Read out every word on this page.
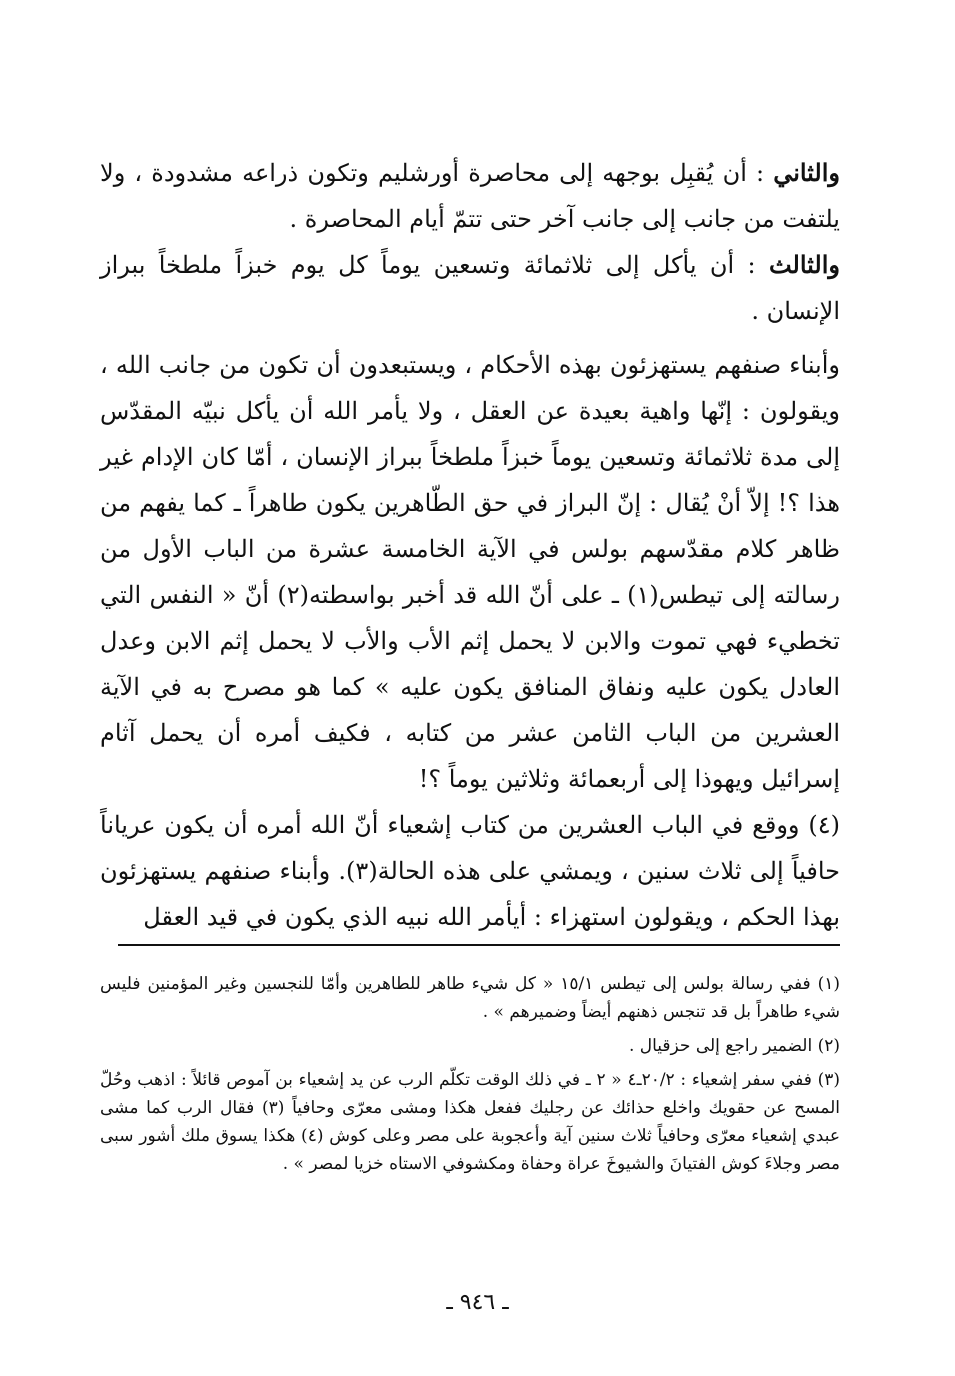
والثاني : أن يُقبِل بوجهه إلى محاصرة أورشليم وتكون ذراعه مشدودة ، ولا يلتفت من جانب إلى جانب آخر حتى تتمّ أيام المحاصرة .

والثالث : أن يأكل إلى ثلاثمائة وتسعين يوماً كل يوم خبزاً ملطخاً ببراز الإنسان .

وأبناء صنفهم يستهزئون بهذه الأحكام ، ويستبعدون أن تكون من جانب الله ، ويقولون : إنّها واهية بعيدة عن العقل ، ولا يأمر الله أن يأكل نبيّه المقدّس إلى مدة ثلاثمائة وتسعين يوماً خبزاً ملطخاً ببراز الإنسان ، أمّا كان الإدام غير هذا ؟! إلاّ أنْ يُقال : إنّ البراز في حق الطّاهرين يكون طاهراً ـ كما يفهم من ظاهر كلام مقدّسهم بولس في الآية الخامسة عشرة من الباب الأول من رسالته إلى تيطس(١) ـ على أنّ الله قد أخبر بواسطته(٢) أنّ « النفس التي تخطيء فهي تموت والابن لا يحمل إثم الأب والأب لا يحمل إثم الابن وعدل العادل يكون عليه ونفاق المنافق يكون عليه » كما هو مصرح به في الآية العشرين من الباب الثامن عشر من كتابه ، فكيف أمره أن يحمل آثام إسرائيل ويهوذا إلى أربعمائة وثلاثين يوماً ؟!

(٤) ووقع في الباب العشرين من كتاب إشعياء أنّ الله أمره أن يكون عرياناً حافياً إلى ثلاث سنين ، ويمشي على هذه الحالة(٣). وأبناء صنفهم يستهزئون بهذا الحكم ، ويقولون استهزاء : أيأمر الله نبيه الذي يكون في قيد العقل

(١) ففي رسالة بولس إلى تيطس ١٥/١ « كل شيء طاهر للطاهرين وأمّا للنجسين وغير المؤمنين فليس شيء طاهراً بل قد تنجس ذهنهم أيضاً وضميرهم » .

(٢) الضمير راجع إلى حزقيال .

(٣) ففي سفر إشعياء : ٢٠/٢ـ٤ « ٢ ـ في ذلك الوقت تكلّم الرب عن يد إشعياء بن آموص قائلاً : اذهب وحُلّ المسح عن حقويك واخلع حذائك عن رجليك ففعل هكذا ومشى معرّى وحافياً (٣) فقال الرب كما مشى عبدي إشعياء معرّى وحافياً ثلاث سنين آية وأعجوبة على مصر وعلى كوش (٤) هكذا يسوق ملك أشور سبى مصر وجلاءَ كوش الفتيانَ والشيوخَ عراة وحفاة ومكشوفي الاستاه خزيا لمصر » .

ـ ٩٤٦ ـ
